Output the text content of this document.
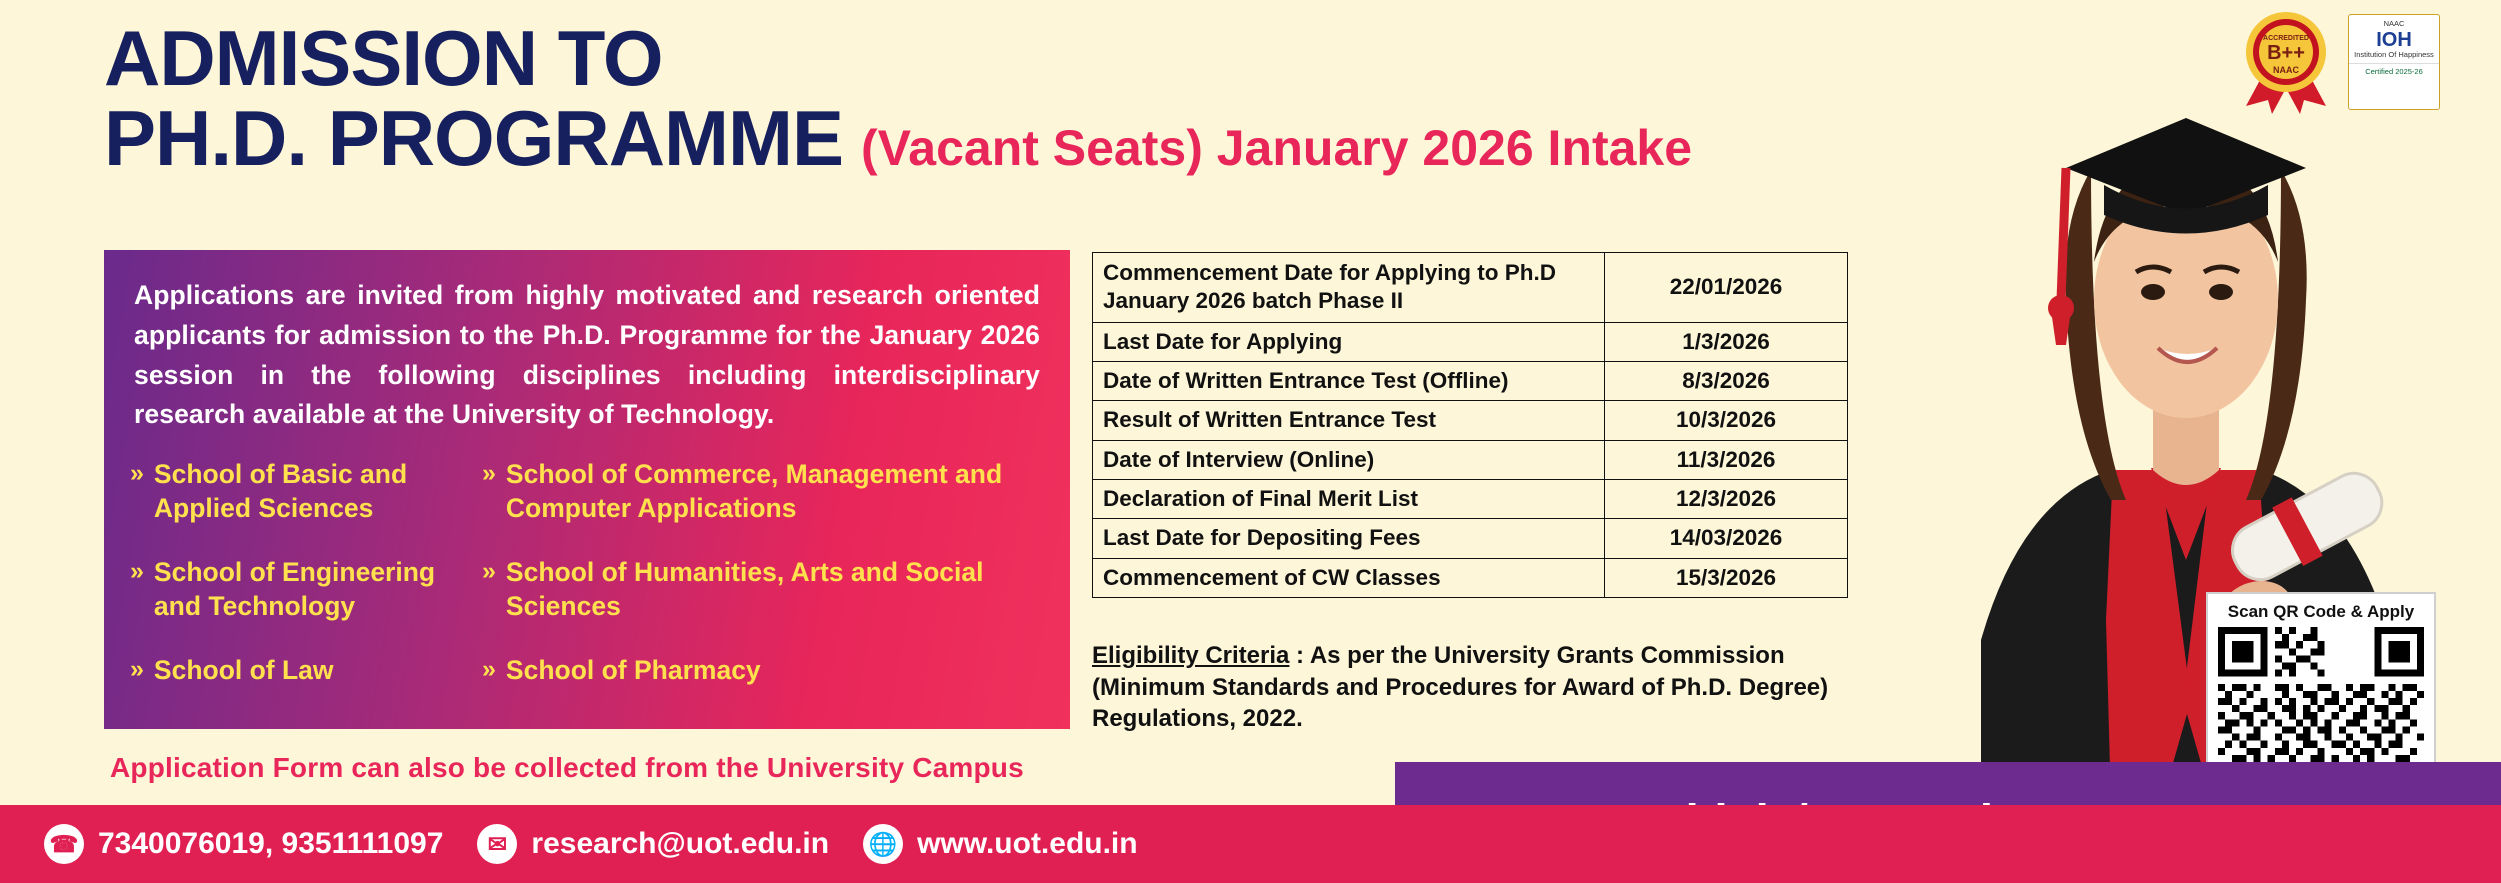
ADMISSION TO
PH.D. PROGRAMME (Vacant Seats) January 2026 Intake
Applications are invited from highly motivated and research oriented applicants for admission to the Ph.D. Programme for the January 2026 session in the following disciplines including interdisciplinary research available at the University of Technology.
» School of Basic and Applied Sciences
» School of Commerce, Management and Computer Applications
» School of Engineering and Technology
» School of Humanities, Arts and Social Sciences
» School of Law	» School of Pharmacy
Commencement Date for Applying to Ph.D January 2026 batch Phase II	22/01/2026
Last Date for Applying	1/3/2026
Date of Written Entrance Test (Offline)	8/3/2026
Result of Written Entrance Test	10/3/2026
Date of Interview (Online)	11/3/2026
Declaration of Final Merit List	12/3/2026
Last Date for Depositing Fees	14/03/2026
Commencement of CW Classes	15/3/2026
Eligibility Criteria : As per the University Grants Commission (Minimum Standards and Procedures for Award of Ph.D. Degree) Regulations, 2022.
Application Form can also be collected from the University Campus
Scan QR Code & Apply
ACCREDITED
B++
NAAC
NAAC
IOH
Institution Of Happiness
Certified 2025-26
☎ 7340076019, 9351111097	✉ research@uot.edu.in 🌐 www.uot.edu.in
